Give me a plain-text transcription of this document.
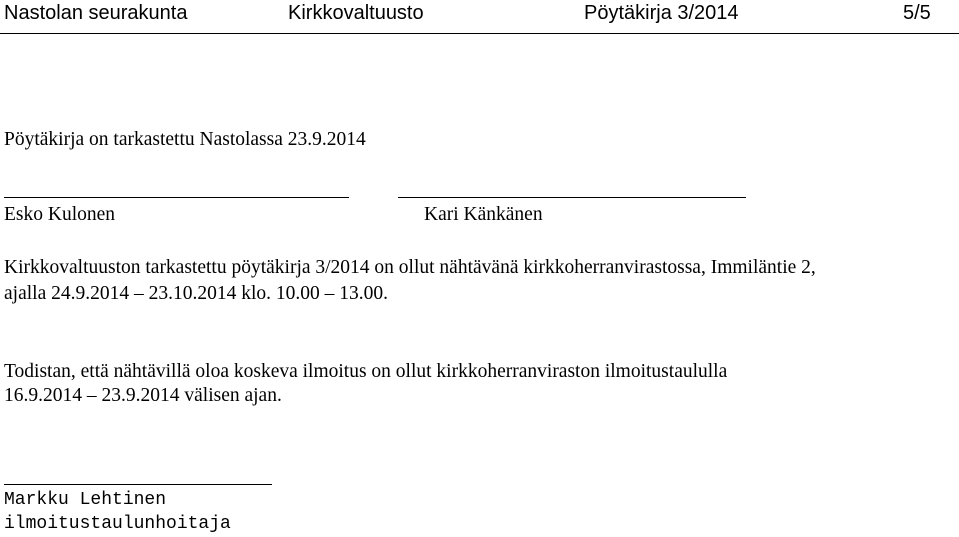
Nastolan seurakunta	Kirkkovaltuusto	Pöytäkirja 3/2014	5/5
Pöytäkirja on tarkastettu Nastolassa 23.9.2014
Esko Kulonen	Kari Känkänen
Kirkkovaltuuston tarkastettu pöytäkirja 3/2014 on ollut nähtävänä kirkkoherranvirastossa, Immiläntie 2,
ajalla 24.9.2014 – 23.10.2014 klo. 10.00 – 13.00.
Todistan, että nähtävillä oloa koskeva ilmoitus on ollut kirkkoherranviraston ilmoitustaululla
16.9.2014 – 23.9.2014 välisen ajan.
Markku Lehtinen
ilmoitustaulunhoitaja
